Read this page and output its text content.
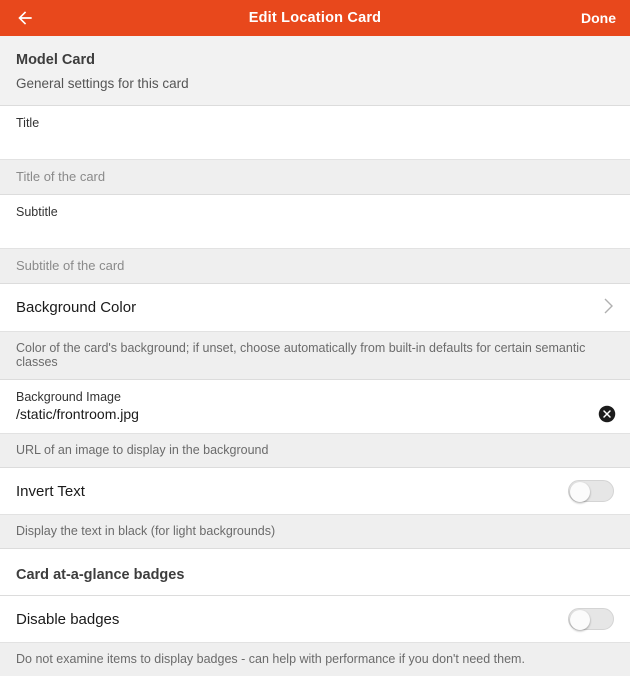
Edit Location Card	Done
Model Card
General settings for this card
Title
Title of the card
Subtitle
Subtitle of the card
Background Color
Color of the card's background; if unset, choose automatically from built-in defaults for certain semantic classes
Background Image
/static/frontroom.jpg
URL of an image to display in the background
Invert Text
Display the text in black (for light backgrounds)
Card at-a-glance badges
Disable badges
Do not examine items to display badges - can help with performance if you don't need them.
